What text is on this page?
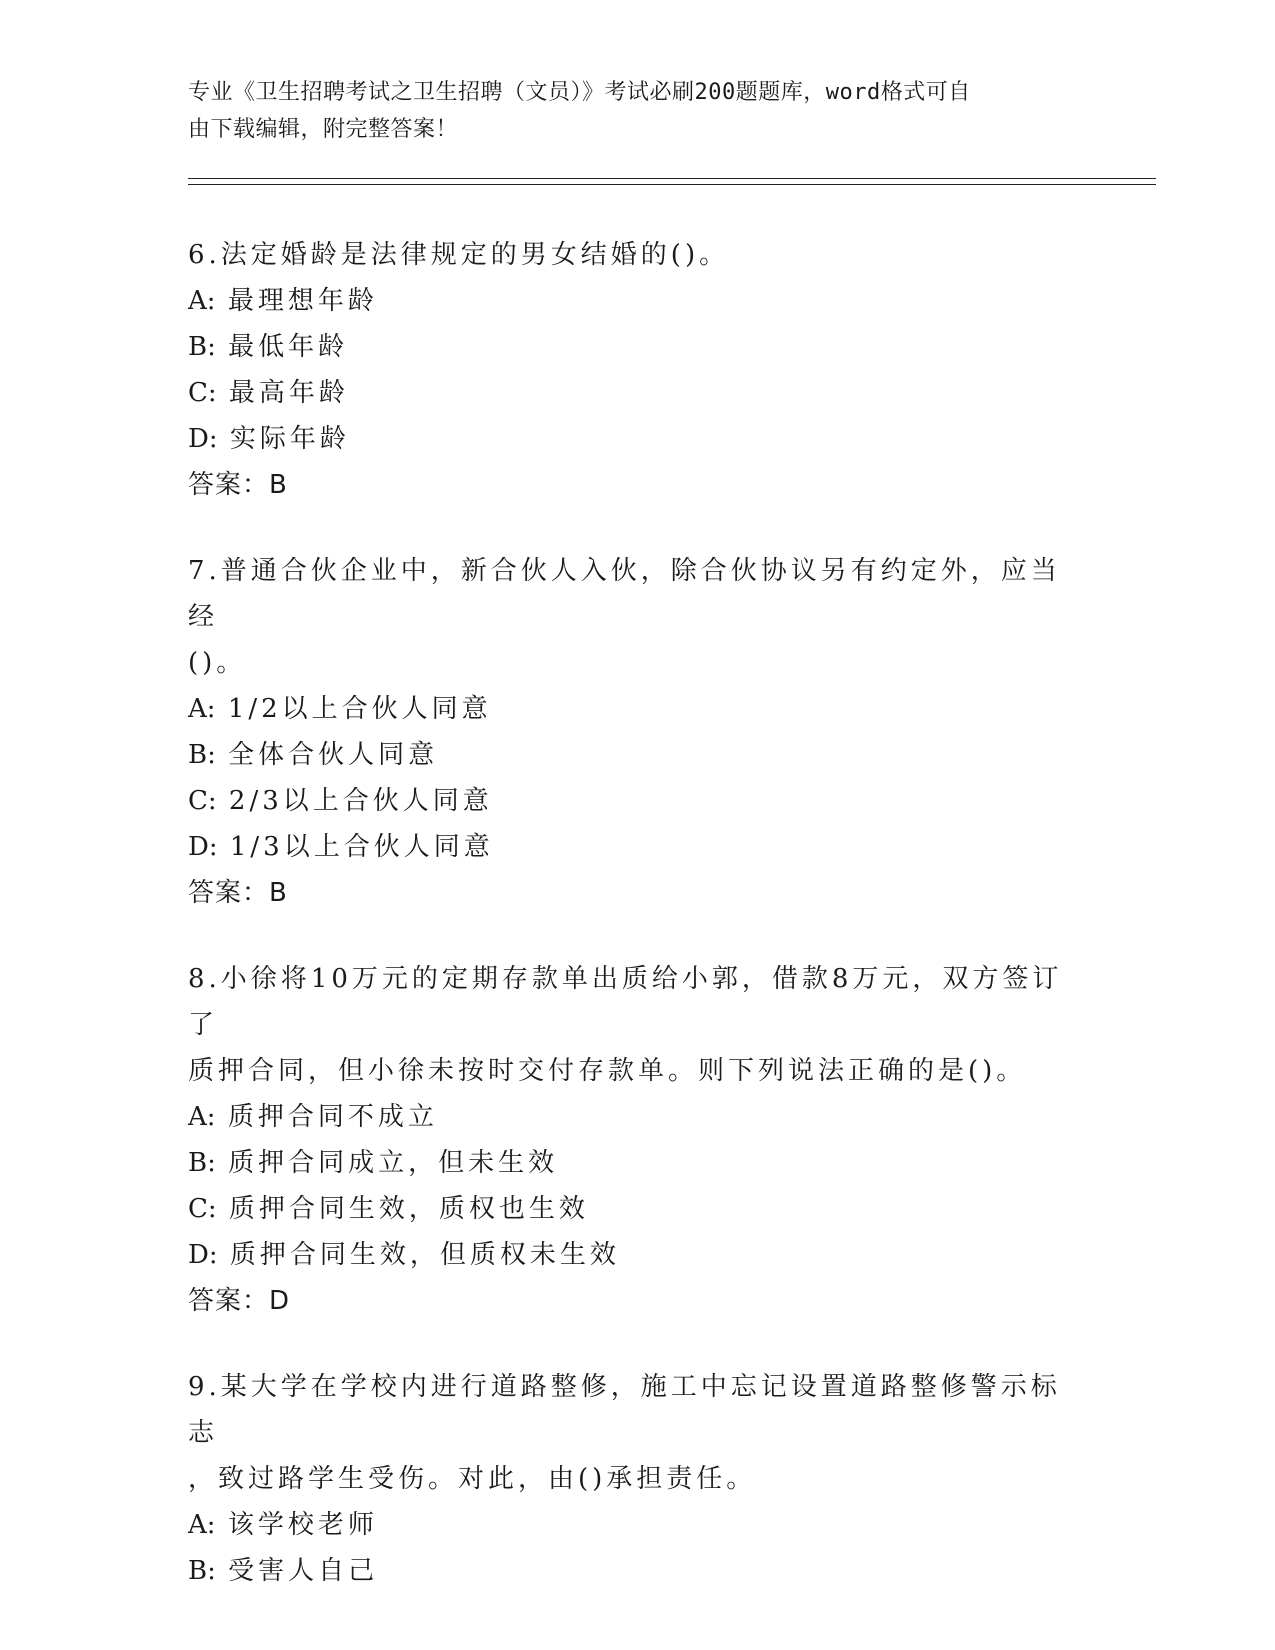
专业《卫生招聘考试之卫生招聘（文员）》考试必刷200题题库，word格式可自
由下载编辑，附完整答案！
6.法定婚龄是法律规定的男女结婚的()。
A: 最理想年龄
B: 最低年龄
C: 最高年龄
D: 实际年龄
答案：B
7.普通合伙企业中，新合伙人入伙，除合伙协议另有约定外，应当经
()。
A: 1/2以上合伙人同意
B: 全体合伙人同意
C: 2/3以上合伙人同意
D: 1/3以上合伙人同意
答案：B
8.小徐将10万元的定期存款单出质给小郭，借款8万元，双方签订了
质押合同，但小徐未按时交付存款单。则下列说法正确的是()。
A: 质押合同不成立
B: 质押合同成立，但未生效
C: 质押合同生效，质权也生效
D: 质押合同生效，但质权未生效
答案：D
9.某大学在学校内进行道路整修，施工中忘记设置道路整修警示标志
，致过路学生受伤。对此，由()承担责任。
A: 该学校老师
B: 受害人自己
